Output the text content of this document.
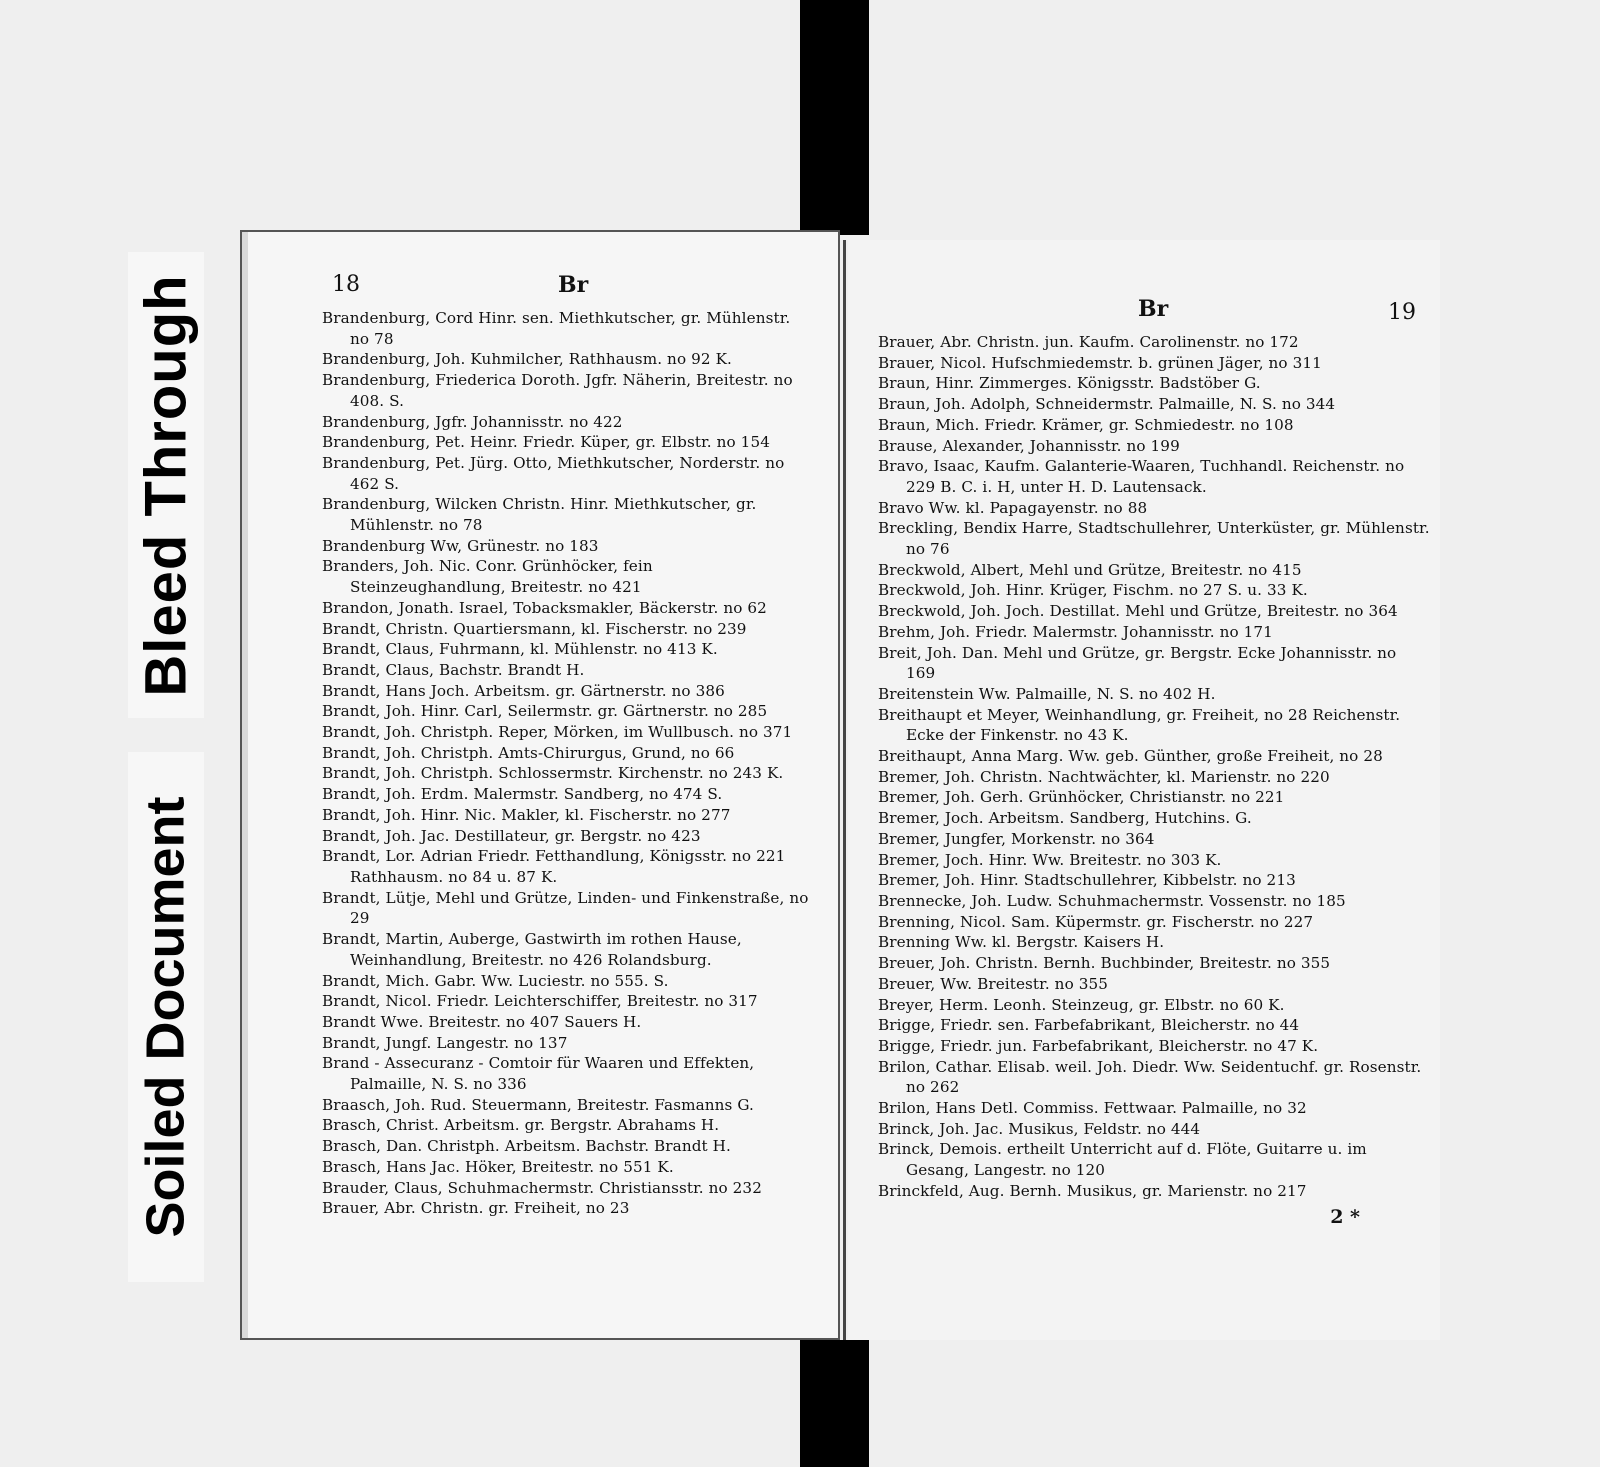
Bleed Through
Soiled Document
18	Br
Brandenburg, Cord Hinr. sen. Miethkutscher, gr. Mühlenstr. no 78
Brandenburg, Joh. Kuhmilcher, Rathhausm. no 92 K.
Brandenburg, Friederica Doroth. Jgfr. Näherin, Breitestr. no 408. S.
Brandenburg, Jgfr. Johannisstr. no 422
Brandenburg, Pet. Heinr. Friedr. Küper, gr. Elbstr. no 154
Brandenburg, Pet. Jürg. Otto, Miethkutscher, Norderstr. no 462 S.
Brandenburg, Wilcken Christn. Hinr. Miethkutscher, gr. Mühlenstr. no 78
Brandenburg Ww, Grünestr. no 183
Branders, Joh. Nic. Conr. Grünhöcker, fein Steinzeughandlung, Breitestr. no 421
Brandon, Jonath. Israel, Tobacksmakler, Bäckerstr. no 62
Brandt, Christn. Quartiersmann, kl. Fischerstr. no 239
Brandt, Claus, Fuhrmann, kl. Mühlenstr. no 413 K.
Brandt, Claus, Bachstr. Brandt H.
Brandt, Hans Joch. Arbeitsm. gr. Gärtnerstr. no 386
Brandt, Joh. Hinr. Carl, Seilermstr. gr. Gärtnerstr. no 285
Brandt, Joh. Christph. Reper, Mörken, im Wullbusch. no 371
Brandt, Joh. Christph. Amts-Chirurgus, Grund, no 66
Brandt, Joh. Christph. Schlossermstr. Kirchenstr. no 243 K.
Brandt, Joh. Erdm. Malermstr. Sandberg, no 474 S.
Brandt, Joh. Hinr. Nic. Makler, kl. Fischerstr. no 277
Brandt, Joh. Jac. Destillateur, gr. Bergstr. no 423
Brandt, Lor. Adrian Friedr. Fetthandlung, Königsstr. no 221 Rathhausm. no 84 u. 87 K.
Brandt, Lütje, Mehl und Grütze, Linden- und Finkenstraße, no 29
Brandt, Martin, Auberge, Gastwirth im rothen Hause, Weinhandlung, Breitestr. no 426 Rolandsburg.
Brandt, Mich. Gabr. Ww. Luciestr. no 555. S.
Brandt, Nicol. Friedr. Leichterschiffer, Breitestr. no 317
Brandt Wwe. Breitestr. no 407 Sauers H.
Brandt, Jungf. Langestr. no 137
Brand - Assecuranz - Comtoir für Waaren und Effekten, Palmaille, N. S. no 336
Braasch, Joh. Rud. Steuermann, Breitestr. Fasmanns G.
Brasch, Christ. Arbeitsm. gr. Bergstr. Abrahams H.
Brasch, Dan. Christph. Arbeitsm. Bachstr. Brandt H.
Brasch, Hans Jac. Höker, Breitestr. no 551 K.
Brauder, Claus, Schuhmachermstr. Christiansstr. no 232
Brauer, Abr. Christn. gr. Freiheit, no 23
Br	19
Brauer, Abr. Christn. jun. Kaufm. Carolinenstr. no 172
Brauer, Nicol. Hufschmiedemstr. b. grünen Jäger, no 311
Braun, Hinr. Zimmerges. Königsstr. Badstöber G.
Braun, Joh. Adolph, Schneidermstr. Palmaille, N. S. no 344
Braun, Mich. Friedr. Krämer, gr. Schmiedestr. no 108
Brause, Alexander, Johannisstr. no 199
Bravo, Isaac, Kaufm. Galanterie-Waaren, Tuchhandl. Reichenstr. no 229 B. C. i. H, unter H. D. Lautensack.
Bravo Ww. kl. Papagayenstr. no 88
Breckling, Bendix Harre, Stadtschullehrer, Unterküster, gr. Mühlenstr. no 76
Breckwold, Albert, Mehl und Grütze, Breitestr. no 415
Breckwold, Joh. Hinr. Krüger, Fischm. no 27 S. u. 33 K.
Breckwold, Joh. Joch. Destillat. Mehl und Grütze, Breitestr. no 364
Brehm, Joh. Friedr. Malermstr. Johannisstr. no 171
Breit, Joh. Dan. Mehl und Grütze, gr. Bergstr. Ecke Johannisstr. no 169
Breitenstein Ww. Palmaille, N. S. no 402 H.
Breithaupt et Meyer, Weinhandlung, gr. Freiheit, no 28 Reichenstr. Ecke der Finkenstr. no 43 K.
Breithaupt, Anna Marg. Ww. geb. Günther, große Freiheit, no 28
Bremer, Joh. Christn. Nachtwächter, kl. Marienstr. no 220
Bremer, Joh. Gerh. Grünhöcker, Christianstr. no 221
Bremer, Joch. Arbeitsm. Sandberg, Hutchins. G.
Bremer, Jungfer, Morkenstr. no 364
Bremer, Joch. Hinr. Ww. Breitestr. no 303 K.
Bremer, Joh. Hinr. Stadtschullehrer, Kibbelstr. no 213
Brennecke, Joh. Ludw. Schuhmachermstr. Vossenstr. no 185
Brenning, Nicol. Sam. Küpermstr. gr. Fischerstr. no 227
Brenning Ww. kl. Bergstr. Kaisers H.
Breuer, Joh. Christn. Bernh. Buchbinder, Breitestr. no 355
Breuer, Ww. Breitestr. no 355
Breyer, Herm. Leonh. Steinzeug, gr. Elbstr. no 60 K.
Brigge, Friedr. sen. Farbefabrikant, Bleicherstr. no 44
Brigge, Friedr. jun. Farbefabrikant, Bleicherstr. no 47 K.
Brilon, Cathar. Elisab. weil. Joh. Diedr. Ww. Seidentuchf. gr. Rosenstr. no 262
Brilon, Hans Detl. Commiss. Fettwaar. Palmaille, no 32
Brinck, Joh. Jac. Musikus, Feldstr. no 444
Brinck, Demois. ertheilt Unterricht auf d. Flöte, Guitarre u. im Gesang, Langestr. no 120
Brinckfeld, Aug. Bernh. Musikus, gr. Marienstr. no 217
2 *
